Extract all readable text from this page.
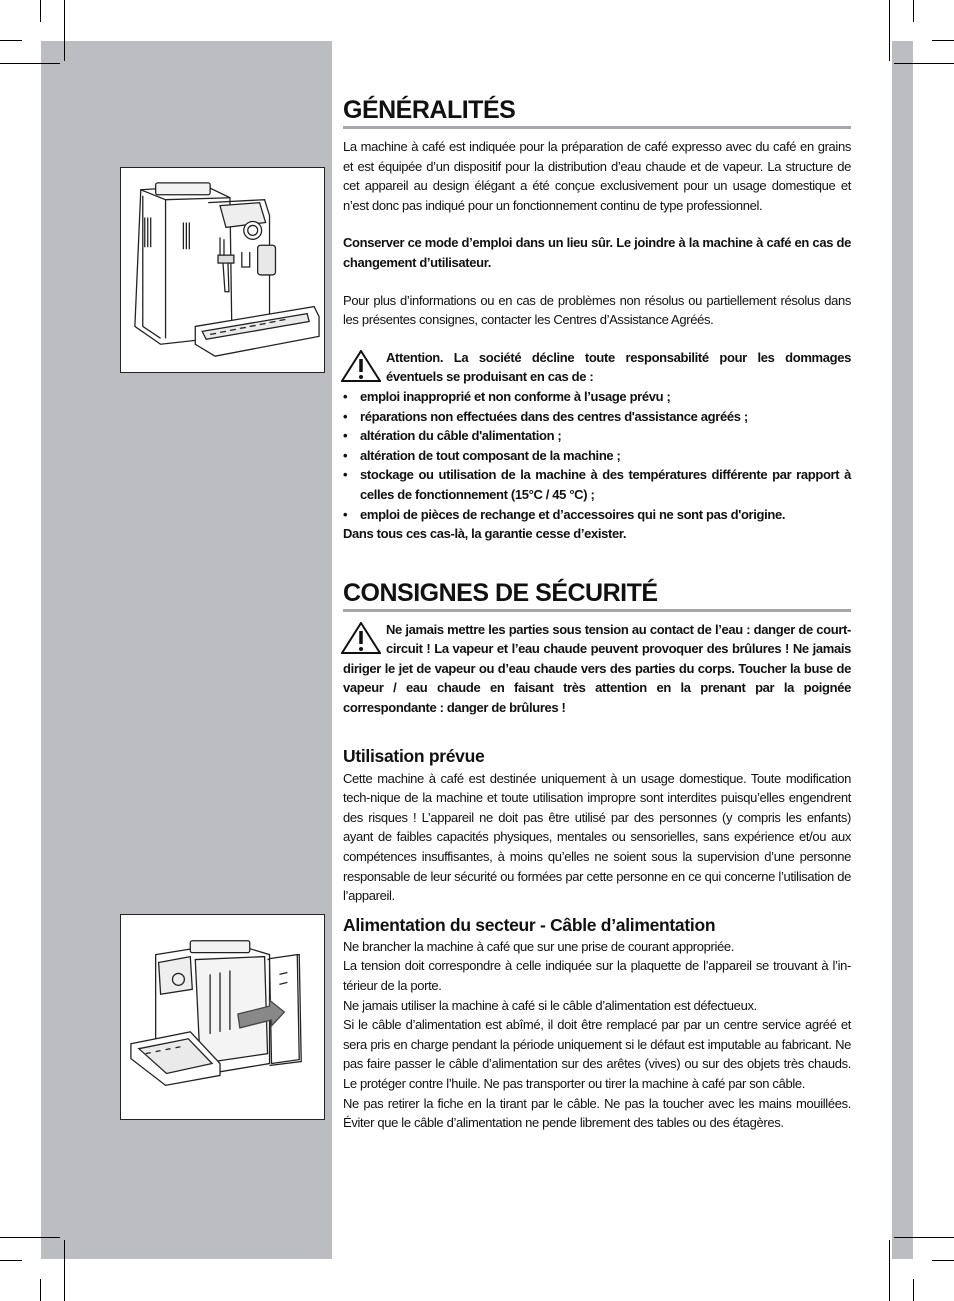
GÉNÉRALITÉS

La machine à café est indiquée pour la préparation de café expresso avec du café en grains et est équipée d’un dispositif pour la distribution d’eau chaude et de vapeur. La structure de cet appareil au design élégant a été conçue exclusivement pour un usage domestique et n’est donc pas indiqué pour un fonctionnement continu de type professionnel.

Conserver ce mode d’emploi dans un lieu sûr. Le joindre à la machine à café en cas de changement d’utilisateur.

Pour plus d’informations ou en cas de problèmes non résolus ou partiellement résolus dans les présentes consignes, contacter les Centres d’Assistance Agréés.

Attention. La société décline toute responsabilité pour les dommages éventuels se produisant en cas de :

• emploi inapproprié et non conforme à l’usage prévu ;
• réparations non effectuées dans des centres d'assistance agréés ;
• altération du câble d'alimentation ;
• altération de tout composant de la machine ;
• stockage ou utilisation de la machine à des températures différente par rapport à celles de fonctionnement (15°C / 45 °C) ;
• emploi de pièces de rechange et d’accessoires qui ne sont pas d'origine.

Dans tous ces cas-là, la garantie cesse d’exister.

CONSIGNES DE SÉCURITÉ

Ne jamais mettre les parties sous tension au contact de l’eau : danger de court-circuit ! La vapeur et l’eau chaude peuvent provoquer des brûlures ! Ne jamais diriger le jet de vapeur ou d’eau chaude vers des parties du corps. Toucher la buse de vapeur / eau chaude en faisant très attention en la prenant par la poignée correspondante : danger de brûlures !

Utilisation prévue

Cette machine à café est destinée uniquement à un usage domestique. Toute modification tech-nique de la machine et toute utilisation impropre sont interdites puisqu’elles engendrent des risques ! L’appareil ne doit pas être utilisé par des personnes (y compris les enfants) ayant de faibles capacités physiques, mentales ou sensorielles, sans expérience et/ou aux compétences insuffisantes, à moins qu’elles ne soient sous la supervision d’une personne responsable de leur sécurité ou formées par cette personne en ce qui concerne l’utilisation de l’appareil.

Alimentation du secteur - Câble d’alimentation

Ne brancher la machine à café que sur une prise de courant appropriée.

La tension doit correspondre à celle indiquée sur la plaquette de l’appareil se trouvant à l’in-térieur de la porte.

Ne jamais utiliser la machine à café si le câble d’alimentation est défectueux.

Si le câble d’alimentation est abîmé, il doit être remplacé par par un centre service agréé et sera pris en charge pendant la période uniquement si le défaut est imputable au fabricant. Ne pas faire passer le câble d’alimentation sur des arêtes (vives) ou sur des objets très chauds. Le protéger contre l’huile. Ne pas transporter ou tirer la machine à café par son câble.

Ne pas retirer la fiche en la tirant par le câble. Ne pas la toucher avec les mains mouillées. Éviter que le câble d’alimentation ne pende librement des tables ou des étagères.
